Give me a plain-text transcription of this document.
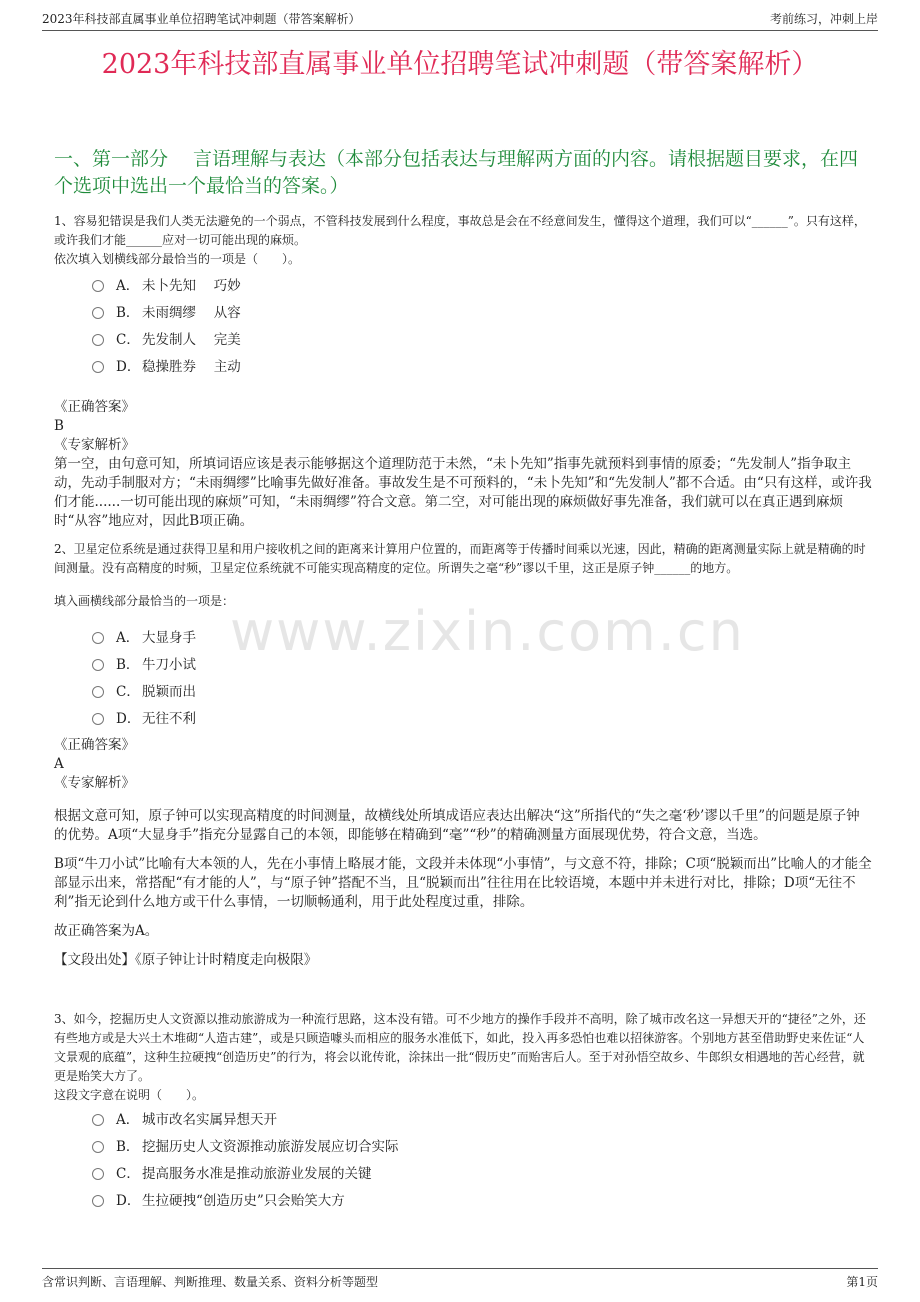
2023年科技部直属事业单位招聘笔试冲刺题（带答案解析）	考前练习，冲刺上岸
www.zixin.com.cn
2023年科技部直属事业单位招聘笔试冲刺题（带答案解析）
一、第一部分　 言语理解与表达（本部分包括表达与理解两方面的内容。请根据题目要求，在四个选项中选出一个最恰当的答案。）
1、容易犯错误是我们人类无法避免的一个弱点，不管科技发展到什么程度，事故总是会在不经意间发生，懂得这个道理，我们可以“______”。只有这样，或许我们才能______应对一切可能出现的麻烦。
依次填入划横线部分最恰当的一项是（　　）。
A． 未卜先知　 巧妙
B． 未雨绸缪　 从容
C． 先发制人　 完美
D． 稳操胜券　 主动
《正确答案》
B
《专家解析》
第一空，由句意可知，所填词语应该是表示能够据这个道理防范于未然，“未卜先知”指事先就预料到事情的原委；“先发制人”指争取主动，先动手制服对方；“未雨绸缪”比喻事先做好准备。事故发生是不可预料的，“未卜先知”和“先发制人”都不合适。由“只有这样，或许我们才能......一切可能出现的麻烦”可知，“未雨绸缪”符合文意。第二空，对可能出现的麻烦做好事先准备，我们就可以在真正遇到麻烦时“从容”地应对，因此B项正确。
2、卫星定位系统是通过获得卫星和用户接收机之间的距离来计算用户位置的，而距离等于传播时间乘以光速，因此，精确的距离测量实际上就是精确的时间测量。没有高精度的时频，卫星定位系统就不可能实现高精度的定位。所谓失之毫“秒”谬以千里，这正是原子钟______的地方。
填入画横线部分最恰当的一项是：
A． 大显身手
B． 牛刀小试
C． 脱颖而出
D． 无往不利
《正确答案》
A
《专家解析》
根据文意可知，原子钟可以实现高精度的时间测量，故横线处所填成语应表达出解决“这”所指代的“失之毫‘秒’谬以千里”的问题是原子钟的优势。A项“大显身手”指充分显露自己的本领，即能够在精确到“毫”“秒”的精确测量方面展现优势，符合文意，当选。
B项“牛刀小试”比喻有大本领的人，先在小事情上略展才能，文段并未体现“小事情”，与文意不符，排除；C项“脱颖而出”比喻人的才能全部显示出来，常搭配“有才能的人”，与“原子钟”搭配不当，且“脱颖而出”往往用在比较语境，本题中并未进行对比，排除；D项“无往不利”指无论到什么地方或干什么事情，一切顺畅通利，用于此处程度过重，排除。
故正确答案为A。
【文段出处】《原子钟让计时精度走向极限》
3、如今，挖掘历史人文资源以推动旅游成为一种流行思路，这本没有错。可不少地方的操作手段并不高明，除了城市改名这一异想天开的“捷径”之外，还有些地方或是大兴土木堆砌“人造古建”，或是只顾造噱头而相应的服务水准低下，如此，投入再多恐怕也难以招徕游客。个别地方甚至借助野史来佐证“人文景观的底蕴”，这种生拉硬拽“创造历史”的行为，将会以讹传讹，涂抹出一批“假历史”而贻害后人。至于对孙悟空故乡、牛郎织女相遇地的苦心经营，就更是贻笑大方了。
这段文字意在说明（　　）。
A． 城市改名实属异想天开
B． 挖掘历史人文资源推动旅游发展应切合实际
C． 提高服务水准是推动旅游业发展的关键
D． 生拉硬拽“创造历史”只会贻笑大方
含常识判断、言语理解、判断推理、数量关系、资料分析等题型	第1页
